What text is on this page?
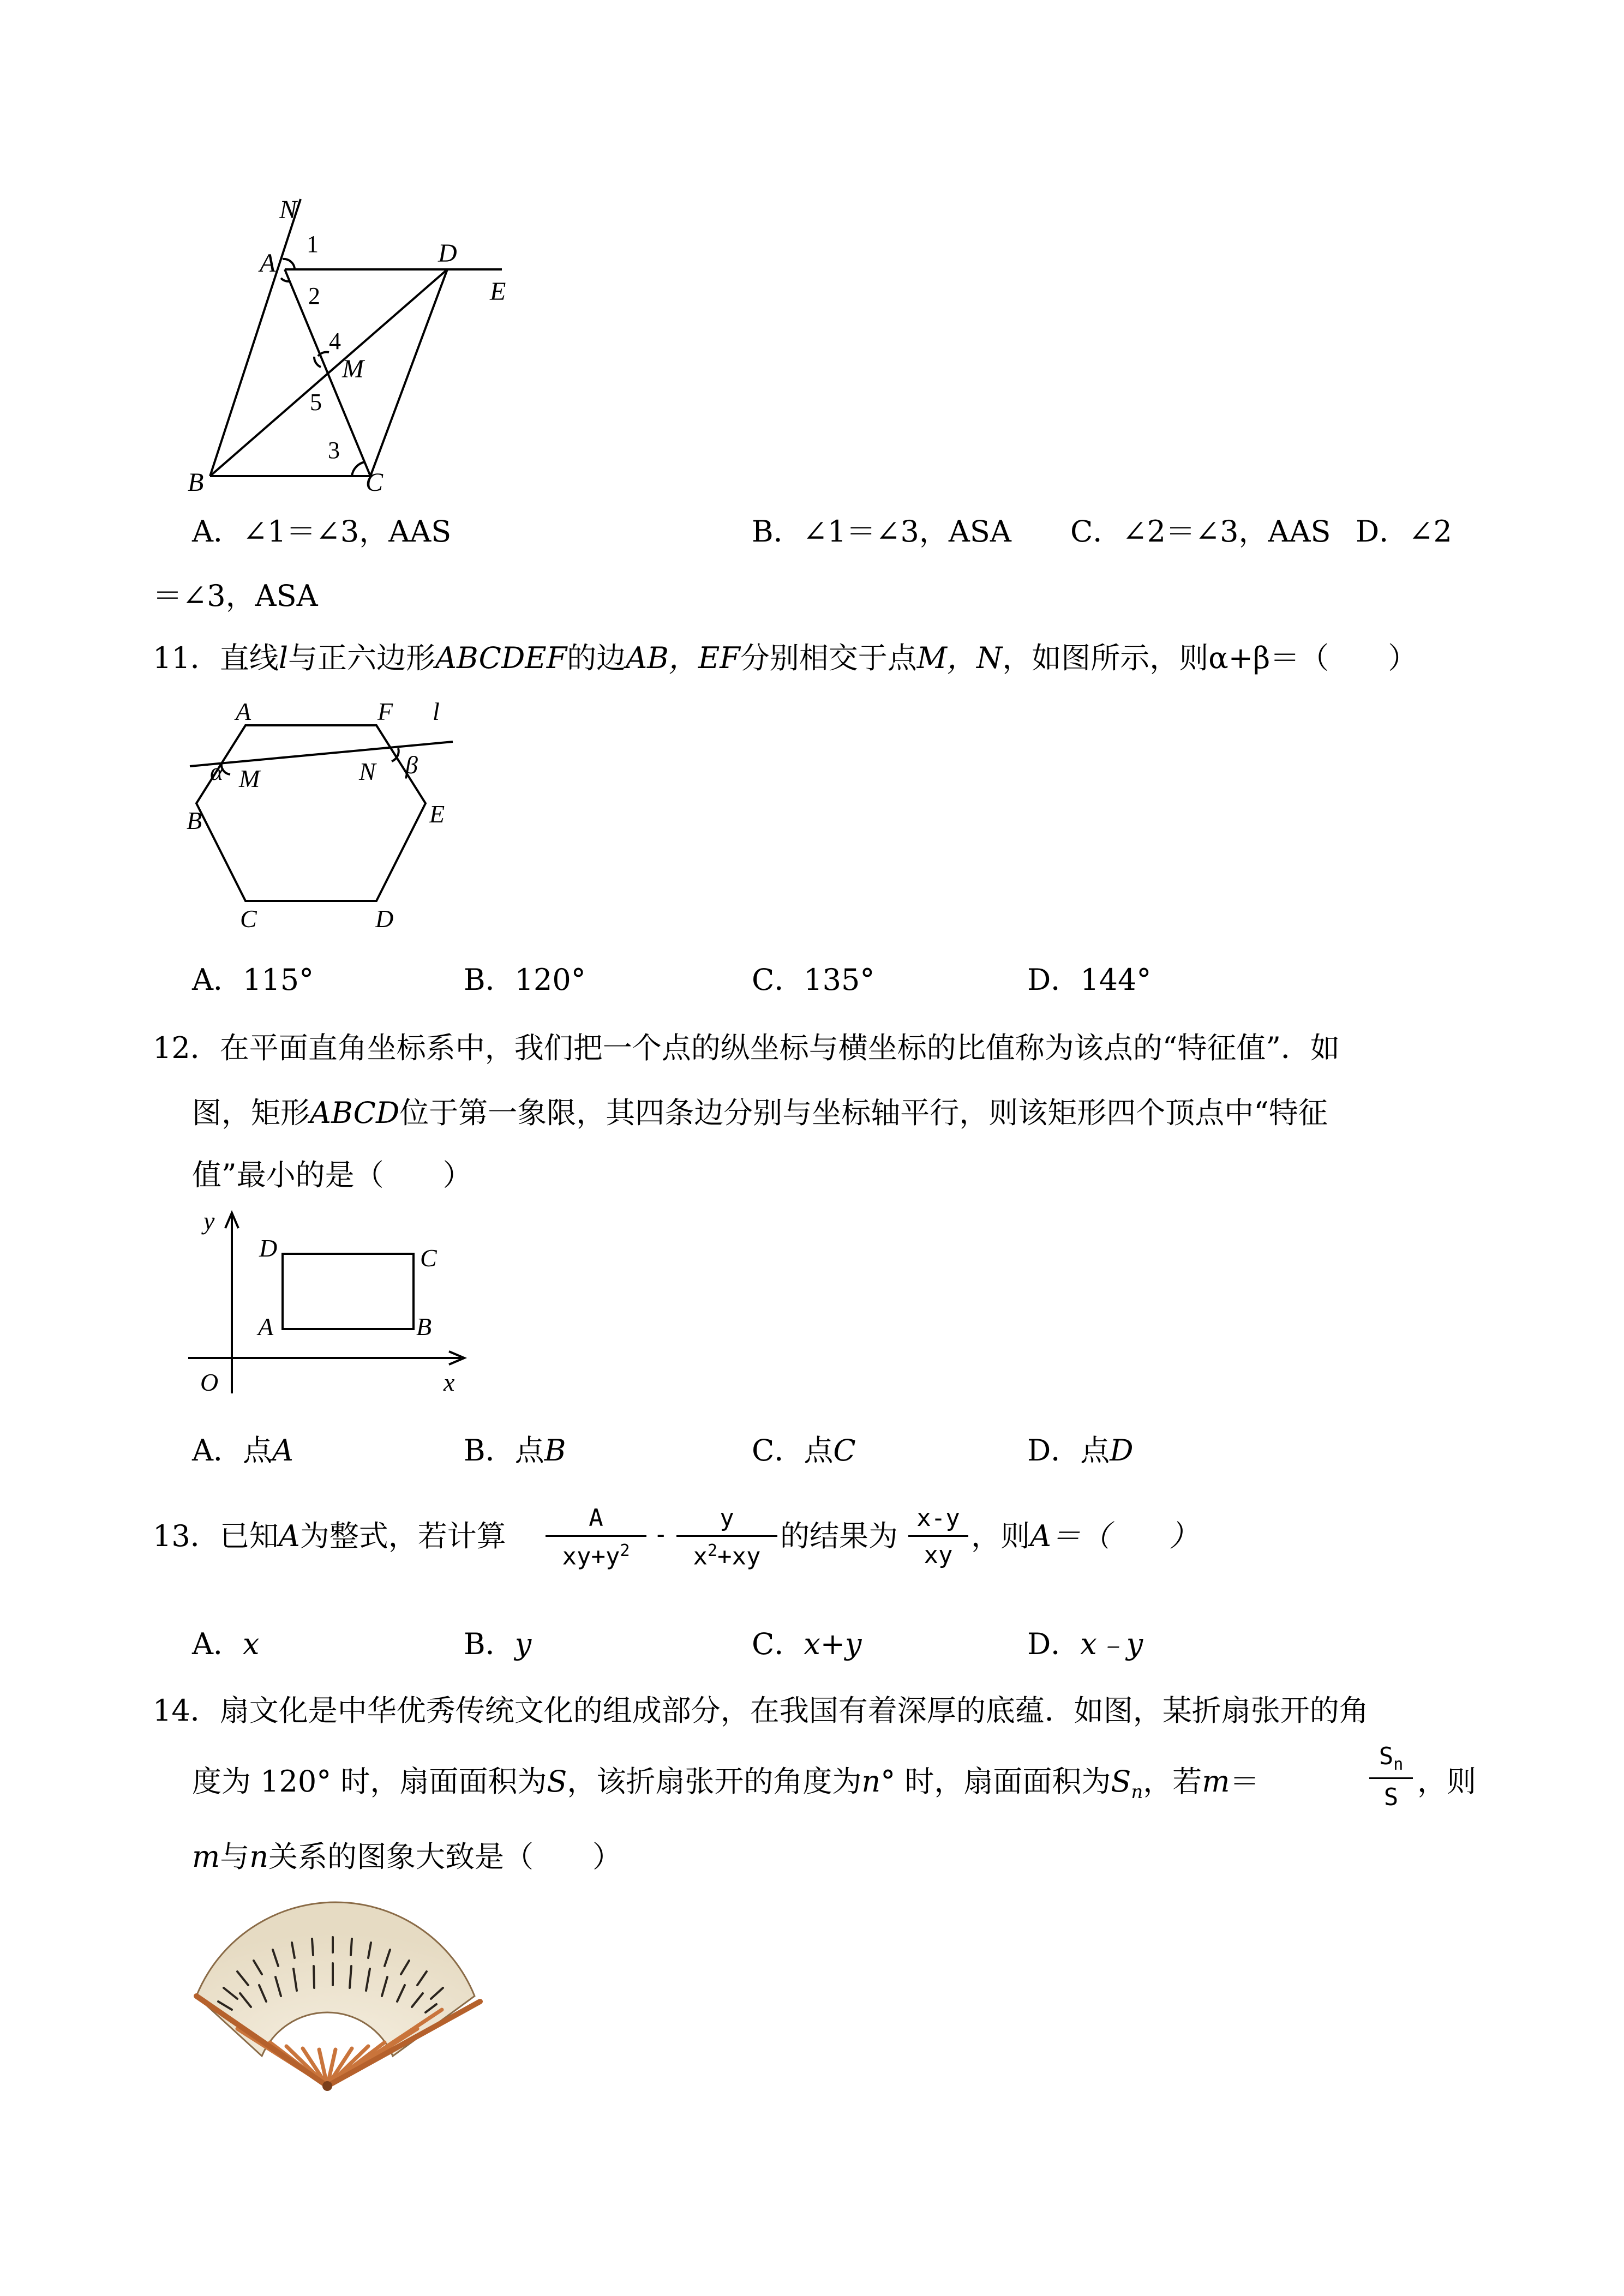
N
A	D
E
M
B	C
1
2
4
5
3
A．∠1＝∠3，AAS	B．∠1＝∠3，ASA C．∠2＝∠3，AAS D．∠2
＝∠3，ASA
11．直线l与正六边形ABCDEF的边AB，EF分别相交于点M，N，如图所示，则α+β＝（　　）
A	F l
α M	N β
B	E
C	D
A．115°	B．120°	C．135°	D．144°
12．在平面直角坐标系中，我们把一个点的纵坐标与横坐标的比值称为该点的“特征值”．如
图，矩形ABCD位于第一象限，其四条边分别与坐标轴平行，则该矩形四个顶点中“特征
值”最小的是（　　）
y
D	C
A	B
O	x
A．点A	B．点B	C．点C	D．点D
13．已知A为整式，若计算 $\frac{A}{xy+y^2} - \frac{y}{x^2+xy}$ 的结果为 $\frac{x-y}{xy}$ ，则A＝（　　）
A．x	B．y	C．x+y	D．x﹣y
14．扇文化是中华优秀传统文化的组成部分，在我国有着深厚的底蕴．如图，某折扇张开的角
度为 120° 时，扇面面积为S，该折扇张开的角度为n° 时，扇面面积为$S_n$，若m＝	$\frac{S_n}{S}$ ，则
m与n关系的图象大致是（　　）
